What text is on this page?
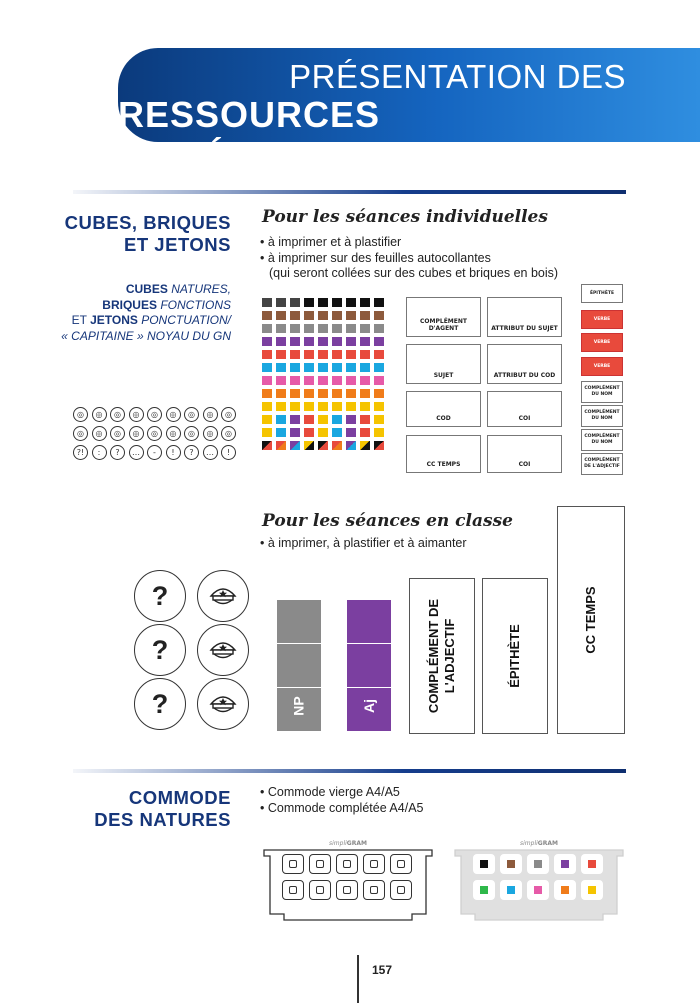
PRÉSENTATION DES
RESSOURCES NUMÉRIQUES
CUBES, BRIQUES
ET JETONS
CUBES NATURES,
BRIQUES FONCTIONS
ET JETONS PONCTUATION/
« CAPITAINE » NOYAU DU GN
Pour les séances individuelles
• à imprimer et à plastifier
• à imprimer sur des feuilles autocollantes
(qui seront collées sur des cubes et briques en bois)
◎	◎	◎	◎	◎	◎	◎	◎	◎
◎	◎	◎	◎	◎	◎	◎	◎	◎
?!	:	?	…	-	!	?	…	!
COMPLÉMENT D'AGENT	ATTRIBUT DU SUJET
SUJET	ATTRIBUT DU COD
COD	COI
CC TEMPS	COI
ÉPITHÈTE
VERBE
VERBE
VERBE
COMPLÉMENT DU NOM
COMPLÉMENT DU NOM
COMPLÉMENT DU NOM
COMPLÉMENT DE L'ADJECTIF
Pour les séances en classe
• à imprimer, à plastifier et à aimanter
?
?
?	NP	Aj	COMPLÉMENT DE L'ADJECTIF	ÉPITHÈTE
CC TEMPS
COMMODE
DES NATURES
• Commode vierge A4/A5
• Commode complétée A4/A5
simpliGRAM	simpliGRAM
157
